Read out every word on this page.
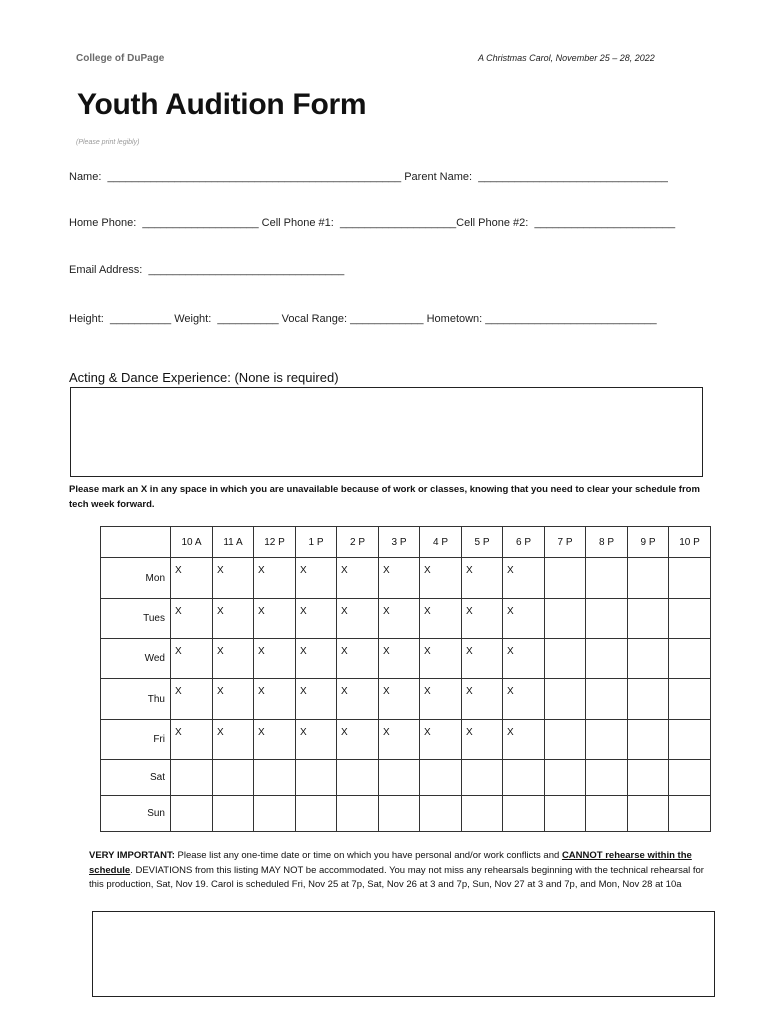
College of DuPage	A Christmas Carol, November 25 – 28, 2022
Youth Audition Form
(Please print legibly)
Name:  ________________________________________________ Parent Name:  _______________________________
Home Phone:  ___________________ Cell Phone #1:  ___________________Cell Phone #2:  _______________________
Email Address:  ________________________________
Height:  __________ Weight:  __________ Vocal Range: ____________ Hometown: ____________________________
Acting & Dance Experience: (None is required)
Please mark an X in any space in which you are unavailable because of work or classes, knowing that you need to clear your schedule from tech week forward.
	10 A	11 A	12 P	1 P	2 P	3 P	4 P	5 P	6 P	7 P	8 P	9 P	10 P
Mon	X	X	X	X	X	X	X	X	X				
Tues	X	X	X	X	X	X	X	X	X				
Wed	X	X	X	X	X	X	X	X	X				
Thu	X	X	X	X	X	X	X	X	X				
Fri	X	X	X	X	X	X	X	X	X				
Sat													
Sun													
VERY IMPORTANT: Please list any one-time date or time on which you have personal and/or work conflicts and CANNOT rehearse within the schedule. DEVIATIONS from this listing MAY NOT be accommodated. You may not miss any rehearsals beginning with the technical rehearsal for this production, Sat, Nov 19. Carol is scheduled Fri, Nov 25 at 7p, Sat, Nov 26 at 3 and 7p, Sun, Nov 27 at 3 and 7p, and Mon, Nov 28 at 10a
